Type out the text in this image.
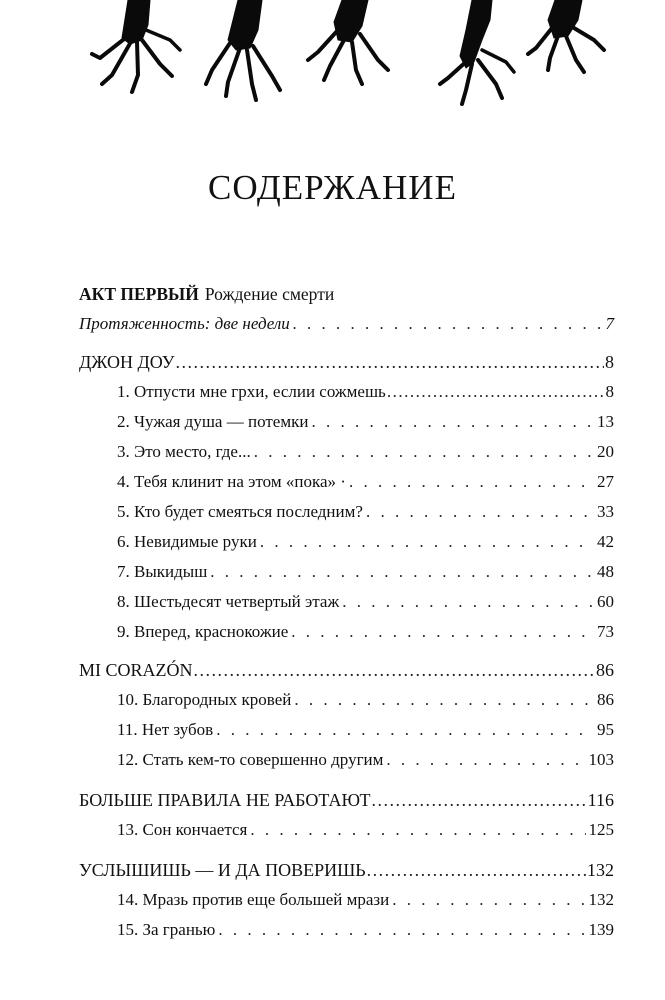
СОДЕРЖАНИЕ
АКТ ПЕРВЫЙ Рождение смерти
Протяженность: две недели . . .	7
ДЖОН ДОУ .....	8
1. Отпусти мне грхи, еслии сожмешь .....	8
2. Чужая душа — потемки . . .	13
3. Это место, где... . . .	20
4. Тебя клинит на этом «пока» · . . .	27
5. Кто будет смеяться последним? . . .	33
6. Невидимые руки . . .	42
7. Выкидыш . . .	48
8. Шестьдесят четвертый этаж . . .	60
9. Вперед, краснокожие . . .	73
MI CORAZÓN .....	86
10. Благородных кровей . . .	86
11. Нет зубов . . .	95
12. Стать кем-то совершенно другим . . .	103
БОЛЬШЕ ПРАВИЛА НЕ РАБОТАЮТ .....	116
13. Сон кончается . . .	125
УСЛЫШИШЬ — И ДА ПОВЕРИШЬ .....	132
14. Мразь против еще большей мрази . . .	132
15. За гранью . . .	139
